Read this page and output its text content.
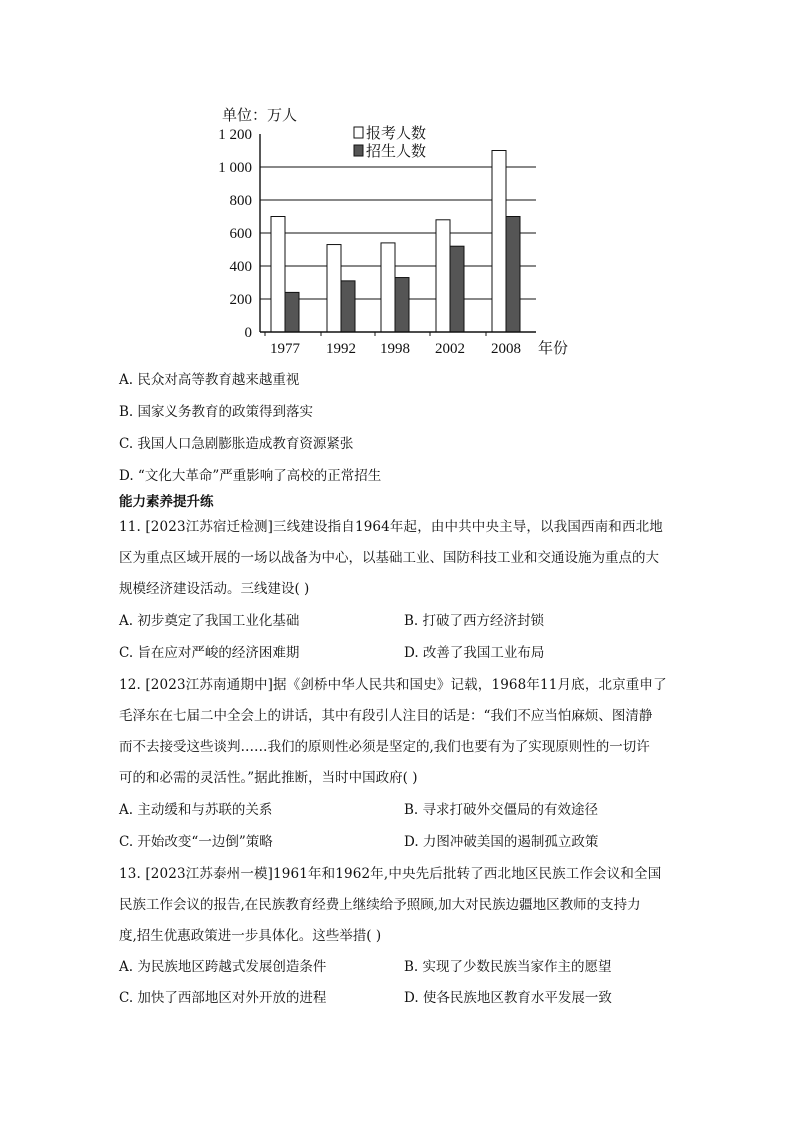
单位：万人
年份
报考人数
招生人数
0
200
400
600
800
1 000
1 200
1977 1992 1998 2002 2008
A. 民众对高等教育越来越重视
B. 国家义务教育的政策得到落实
C. 我国人口急剧膨胀造成教育资源紧张
D. “文化大革命”严重影响了高校的正常招生
能力素养提升练
11. [2023江苏宿迁检测]三线建设指自1964年起，由中共中央主导，以我国西南和西北地
区为重点区域开展的一场以战备为中心，以基础工业、国防科技工业和交通设施为重点的大
规模经济建设活动。三线建设( )
A. 初步奠定了我国工业化基础	B. 打破了西方经济封锁
C. 旨在应对严峻的经济困难期	D. 改善了我国工业布局
12. [2023江苏南通期中]据《剑桥中华人民共和国史》记载，1968年11月底，北京重申了
毛泽东在七届二中全会上的讲话，其中有段引人注目的话是：“我们不应当怕麻烦、图清静
而不去接受这些谈判……我们的原则性必须是坚定的,我们也要有为了实现原则性的一切许
可的和必需的灵活性。”据此推断，当时中国政府( )
A. 主动缓和与苏联的关系	B. 寻求打破外交僵局的有效途径
C. 开始改变“一边倒”策略	D. 力图冲破美国的遏制孤立政策
13. [2023江苏泰州一模]1961年和1962年,中央先后批转了西北地区民族工作会议和全国
民族工作会议的报告,在民族教育经费上继续给予照顾,加大对民族边疆地区教师的支持力
度,招生优惠政策进一步具体化。这些举措( )
A. 为民族地区跨越式发展创造条件	B. 实现了少数民族当家作主的愿望
C. 加快了西部地区对外开放的进程	D. 使各民族地区教育水平发展一致
